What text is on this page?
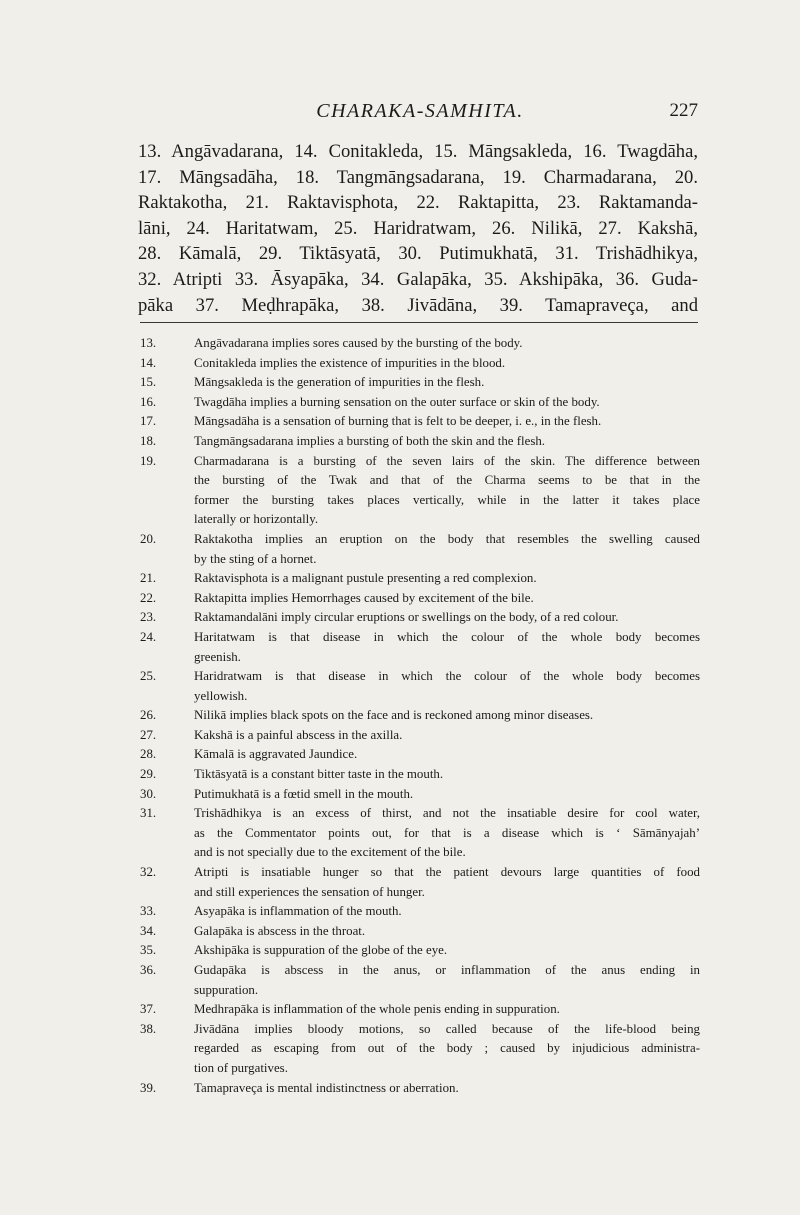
CHARAKA-SAMHITA.	227
13. Angāvadarana, 14. Conitakleda, 15. Māngsakleda, 16. Twagdāha,
17. Māngsadāha, 18. Tangmāngsadarana, 19. Charmadarana, 20.
Raktakotha, 21. Raktavisphota, 22. Raktapitta, 23. Raktamanda-
lāni, 24. Haritatwam, 25. Haridratwam, 26. Nilikā, 27. Kakshā,
28. Kāmalā, 29. Tiktāsyatā, 30. Putimukhatā, 31. Trishādhikya,
32. Atripti 33. Āsyapāka, 34. Galapāka, 35. Akshipāka, 36. Guda-
pāka 37. Meḍhrapāka, 38. Jivādāna, 39. Tamapraveça, and
13.	Angāvadarana implies sores caused by the bursting of the body.
14.	Conitakleda implies the existence of impurities in the blood.
15.	Māngsakleda is the generation of impurities in the flesh.
16.	Twagdāha implies a burning sensation on the outer surface or skin of the body.
17.	Māngsadāha is a sensation of burning that is felt to be deeper, i. e., in the flesh.
18.	Tangmāngsadarana implies a bursting of both the skin and the flesh.
19.	Charmadarana is a bursting of the seven lairs of the skin. The difference between
the bursting of the Twak and that of the Charma seems to be that in the
former the bursting takes places vertically, while in the latter it takes place
laterally or horizontally.
20.	Raktakotha implies an eruption on the body that resembles the swelling caused
by the sting of a hornet.
21.	Raktavisphota is a malignant pustule presenting a red complexion.
22.	Raktapitta implies Hemorrhages caused by excitement of the bile.
23.	Raktamandalāni imply circular eruptions or swellings on the body, of a red colour.
24.	Haritatwam is that disease in which the colour of the whole body becomes
greenish.
25.	Haridratwam is that disease in which the colour of the whole body becomes
yellowish.
26.	Nilikā implies black spots on the face and is reckoned among minor diseases.
27.	Kakshā is a painful abscess in the axilla.
28.	Kāmalā is aggravated Jaundice.
29.	Tiktāsyatā is a constant bitter taste in the mouth.
30.	Putimukhatā is a fœtid smell in the mouth.
31.	Trishādhikya is an excess of thirst, and not the insatiable desire for cool water,
as the Commentator points out, for that is a disease which is ‘ Sāmānyajah’
and is not specially due to the excitement of the bile.
32.	Atripti is insatiable hunger so that the patient devours large quantities of food
and still experiences the sensation of hunger.
33.	Asyapāka is inflammation of the mouth.
34.	Galapāka is abscess in the throat.
35.	Akshipāka is suppuration of the globe of the eye.
36.	Gudapāka is abscess in the anus, or inflammation of the anus ending in
suppuration.
37.	Medhrapāka is inflammation of the whole penis ending in suppuration.
38.	Jivādāna implies bloody motions, so called because of the life-blood being
regarded as escaping from out of the body ; caused by injudicious administra-
tion of purgatives.
39.	Tamapraveça is mental indistinctness or aberration.
